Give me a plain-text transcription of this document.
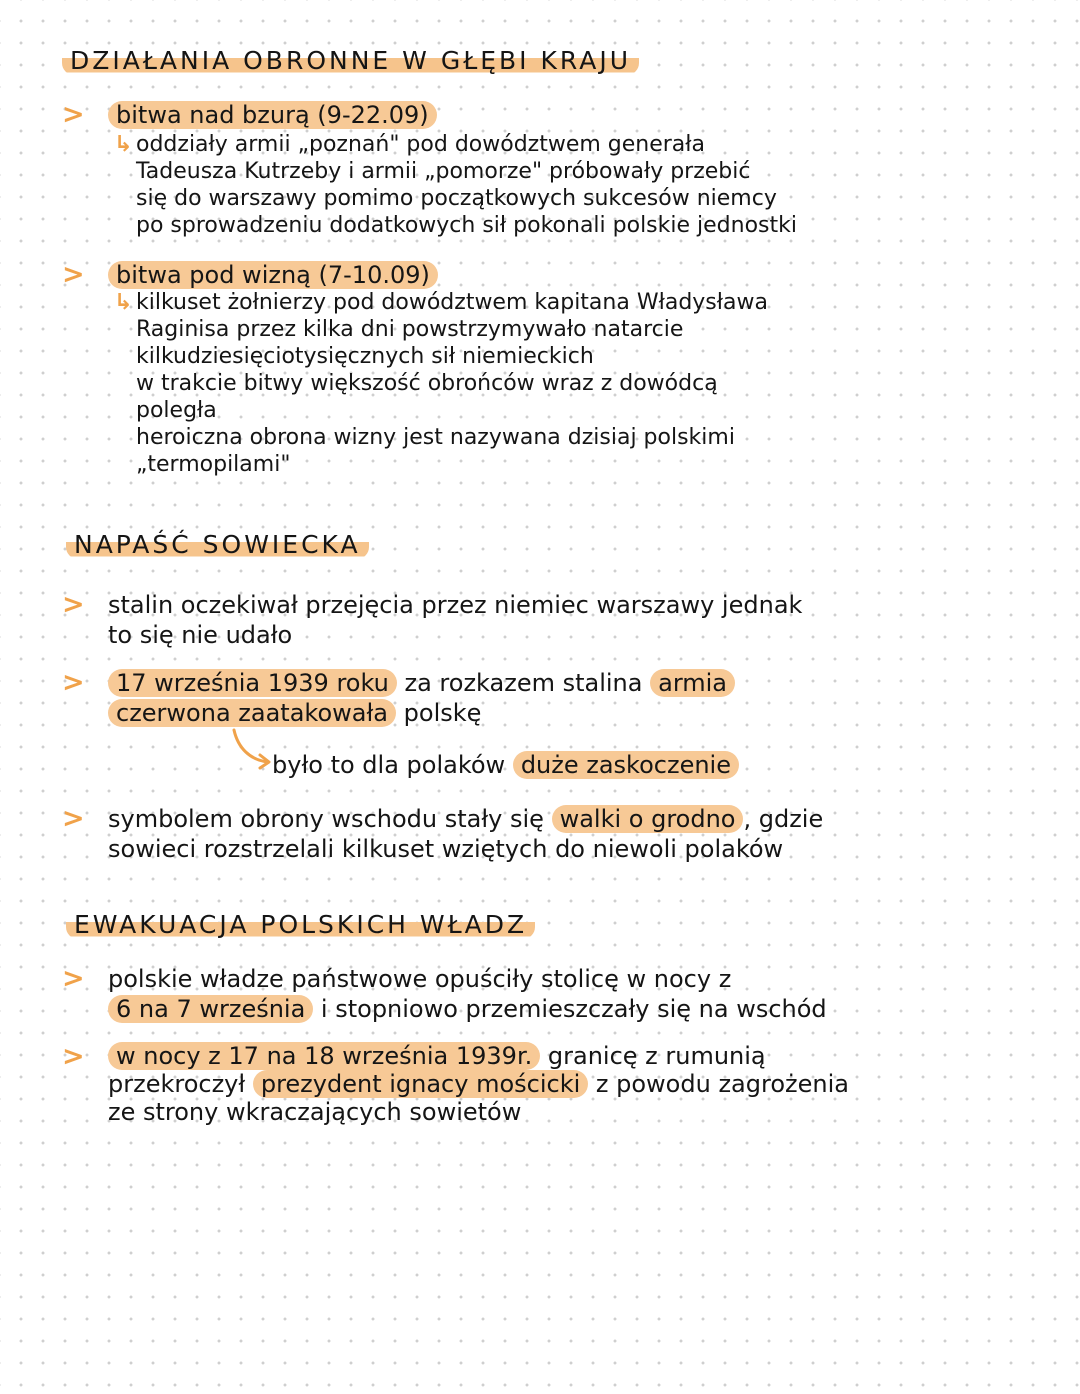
DZIAŁANIA OBRONNE W GŁĘBI KRAJU
>	bitwa nad bzurą (9-22.09)

↳ oddziały armii „poznań" pod dowództwem generała
Tadeusza Kutrzeby i armii „pomorze" próbowały przebić
się do warszawy pomimo początkowych sukcesów niemcy
po sprowadzeniu dodatkowych sił pokonali polskie jednostki

>	bitwa pod wizną (7-10.09)

↳ kilkuset żołnierzy pod dowództwem kapitana Władysława
Raginisa przez kilka dni powstrzymywało natarcie
kilkudziesięciotysięcznych sił niemieckich
w trakcie bitwy większość obrońców wraz z dowódcą
poległa
heroiczna obrona wizny jest nazywana dzisiaj polskimi
„termopilami"

NAPAŚĆ SOWIECKA
> stalin oczekiwał przejęcia przez niemiec warszawy jednak
to się nie udało

>	17 września 1939 roku za rozkazem stalina armia
czerwona zaatakowała polskę

było to dla polaków duże zaskoczenie

> symbolem obrony wschodu stały się walki o grodno , gdzie
sowieci rozstrzelali kilkuset wziętych do niewoli polaków

EWAKUACJA POLSKICH WŁADZ
> polskie władze państwowe opuściły stolicę w nocy z
6 na 7 września i stopniowo przemieszczały się na wschód

>	w nocy z 17 na 18 września 1939r. granicę z rumunią
przekroczył prezydent ignacy mościcki z powodu zagrożenia
ze strony wkraczających sowietów
